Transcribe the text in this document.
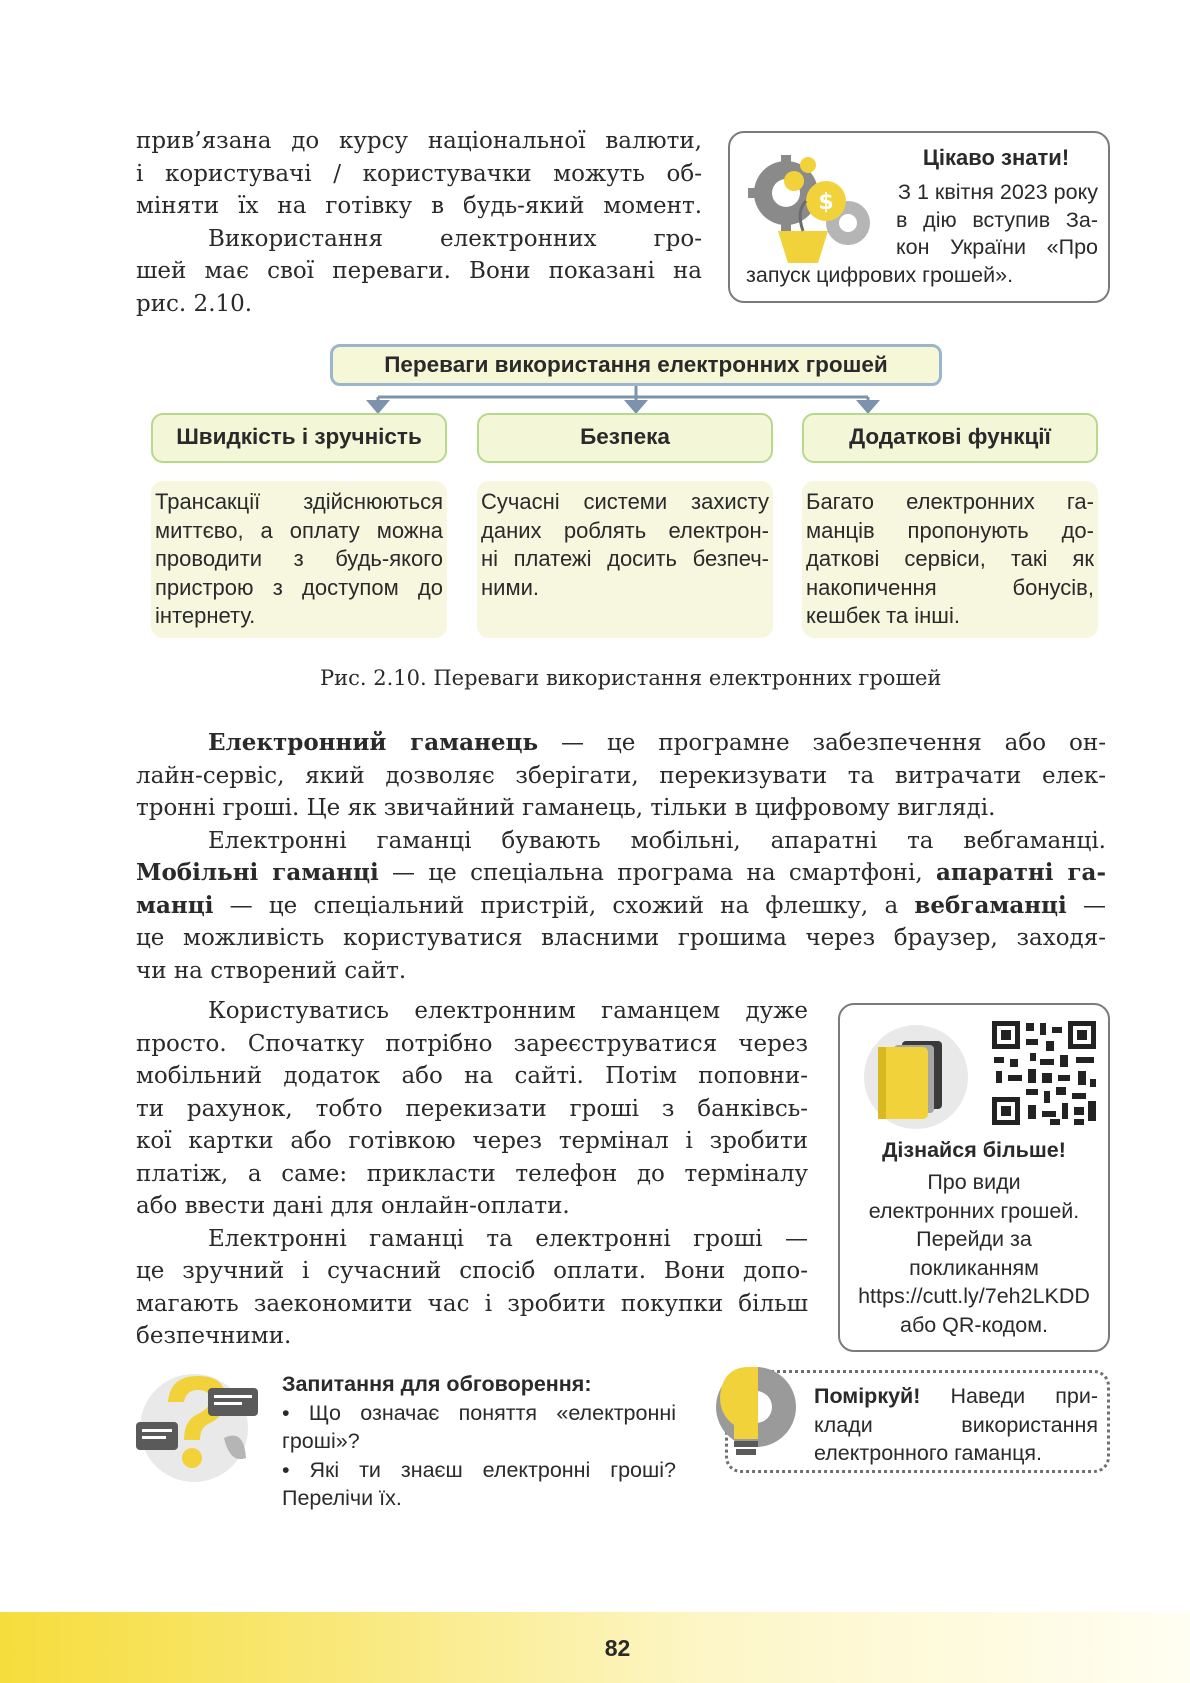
прив’язана до курсу національної валюти,
і користувачі / користувачки можуть об-
міняти їх на готівку в будь-який момент.
Використання електронних гро-
шей має свої переваги. Вони показані на
рис. 2.10.
$
Цікаво знати!
З 1 квітня 2023 року
в дію вступив За-
кон України «Про
запуск цифрових грошей».
Переваги використання електронних грошей
Швидкість і зручність	Безпека	Додаткові функції
Трансакції здійснюються
миттєво, а оплату можна
проводити з будь-якого
пристрою з доступом до
інтернету.
Сучасні системи захисту
даних роблять електрон-
ні платежі досить безпеч-
ними.
Багато електронних га-
манців пропонують до-
даткові сервіси, такі як
накопичення бонусів,
кешбек та інші.
Рис. 2.10. Переваги використання електронних грошей
Електронний гаманець — це програмне забезпечення або он-
лайн-сервіс, який дозволяє зберігати, перекизувати та витрачати елек-
тронні гроші. Це як звичайний гаманець, тільки в цифровому вигляді.
Електронні гаманці бувають мобільні, апаратні та вебгаманці.
Мобільні гаманці — це спеціальна програма на смартфоні, апаратні га-
манці — це спеціальний пристрій, схожий на флешку, а вебгаманці —
це можливість користуватися власними грошима через браузер, заходя-
чи на створений сайт.
Користуватись електронним гаманцем дуже
просто. Спочатку потрібно зареєструватися через
мобільний додаток або на сайті. Потім поповни-
ти рахунок, тобто перекизати гроші з банківсь-
кої картки або готівкою через термінал і зробити
платіж, а саме: прикласти телефон до терміналу
або ввести дані для онлайн-оплати.
Електронні гаманці та електронні гроші —
це зручний і сучасний спосіб оплати. Вони допо-
магають заекономити час і зробити покупки більш
безпечними.
Дізнайся більше!
Про види
електронних грошей.
Перейди за
покликанням
https://cutt.ly/7eh2LKDD
або QR-кодом.
Запитання для обговорення:
• Що означає поняття «електронні
гроші»?
• Які ти знаєш електронні гроші?
Перелічи їх.
Поміркуй! Наведи при-
клади використання
електронного гаманця.
82
